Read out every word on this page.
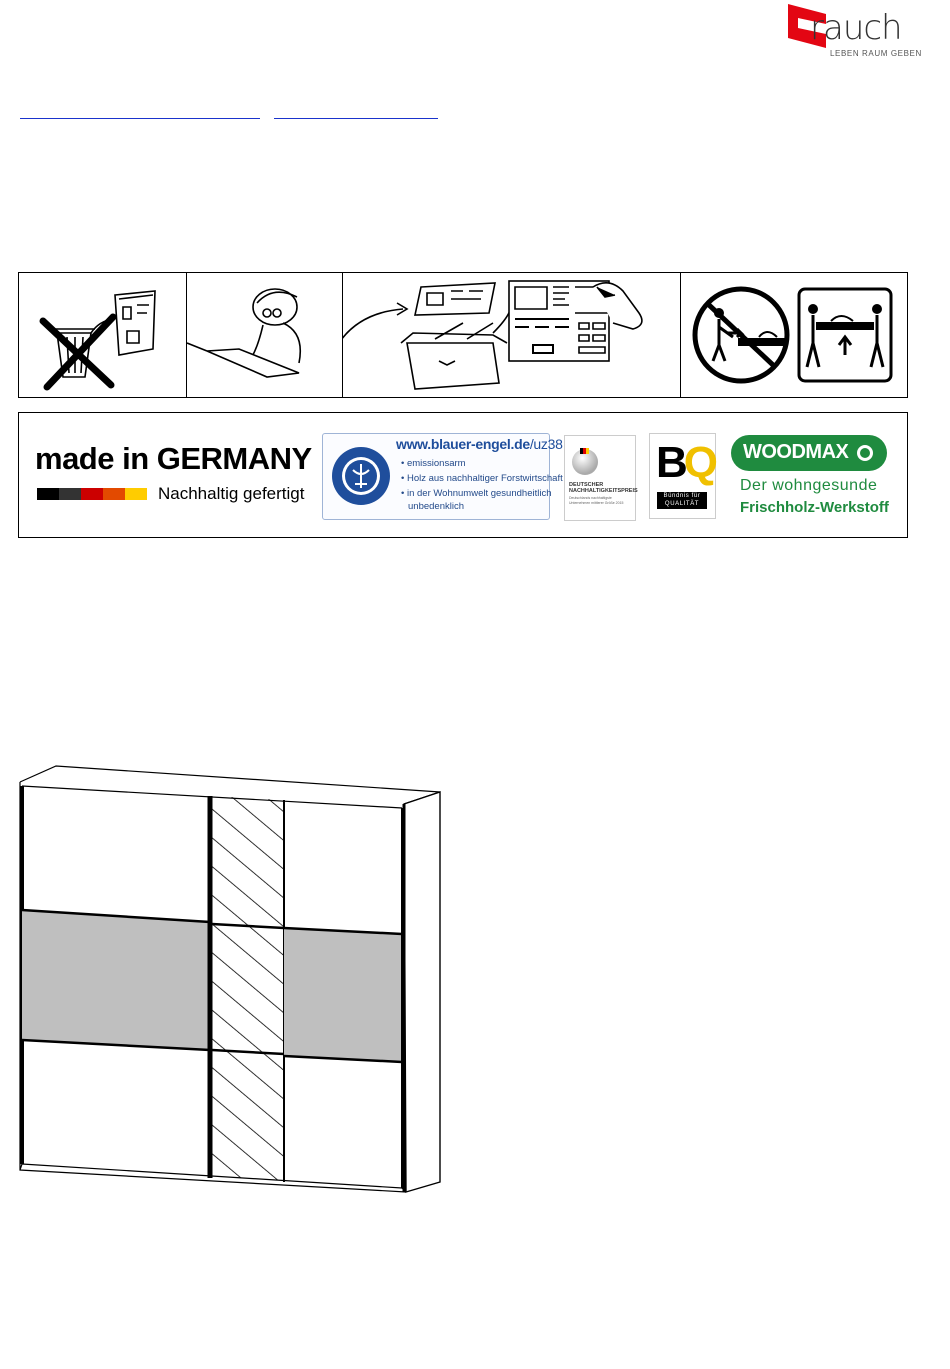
rauch
LEBEN RAUM GEBEN
made in GERMANY
Nachhaltig gefertigt
www.blauer-engel.de/uz38
• emissionsarm
• Holz aus nachhaltiger Forstwirtschaft
• in der Wohnumwelt gesundheitlich
unbedenklich
DEUTSCHER NACHHALTIGKEITSPREIS
Deutschlands nachhaltigste Unternehmen mittlerer Größe 2015
BQ
Bündnis für
QUALITÄT
WOODMAX
Der wohngesunde
Frischholz-Werkstoff
